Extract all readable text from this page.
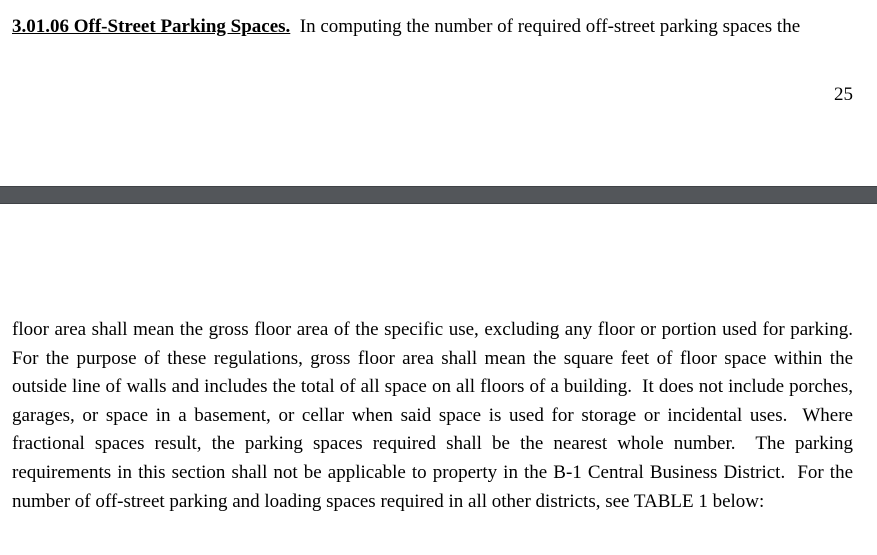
3.01.06 Off-Street Parking Spaces.  In computing the number of required off-street parking spaces the
25

floor area shall mean the gross floor area of the specific use, excluding any floor or portion used for parking.  For the purpose of these regulations, gross floor area shall mean the square feet of floor space within the outside line of walls and includes the total of all space on all floors of a building.  It does not include porches, garages, or space in a basement, or cellar when said space is used for storage or incidental uses.  Where fractional spaces result, the parking spaces required shall be the nearest whole number.  The parking requirements in this section shall not be applicable to property in the B-1 Central Business District.  For the number of off-street parking and loading spaces required in all other districts, see TABLE 1 below:
